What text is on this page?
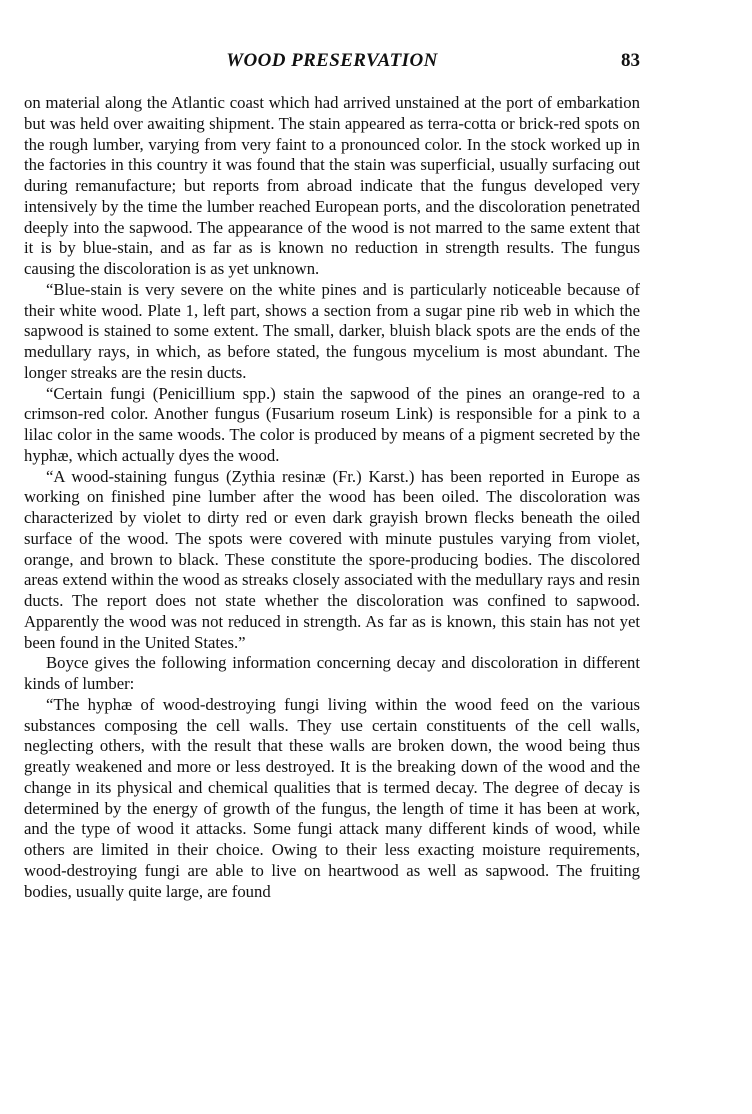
WOOD PRESERVATION	83

on material along the Atlantic coast which had arrived unstained at the port of embarkation but was held over awaiting shipment. The stain appeared as terra-cotta or brick-red spots on the rough lumber, varying from very faint to a pronounced color. In the stock worked up in the factories in this country it was found that the stain was superficial, usually surfacing out during remanufacture; but reports from abroad indicate that the fungus developed very intensively by the time the lumber reached European ports, and the discoloration penetrated deeply into the sapwood. The appearance of the wood is not marred to the same extent that it is by blue-stain, and as far as is known no reduction in strength results. The fungus causing the discoloration is as yet unknown.

“Blue-stain is very severe on the white pines and is particularly noticeable because of their white wood. Plate 1, left part, shows a section from a sugar pine rib web in which the sapwood is stained to some extent. The small, darker, bluish black spots are the ends of the medullary rays, in which, as before stated, the fungous mycelium is most abundant. The longer streaks are the resin ducts.

“Certain fungi (Penicillium spp.) stain the sapwood of the pines an orange-red to a crimson-red color. Another fungus (Fusarium roseum Link) is responsible for a pink to a lilac color in the same woods. The color is produced by means of a pigment secreted by the hyphæ, which actually dyes the wood.

“A wood-staining fungus (Zythia resinæ (Fr.) Karst.) has been reported in Europe as working on finished pine lumber after the wood has been oiled. The discoloration was characterized by violet to dirty red or even dark grayish brown flecks beneath the oiled surface of the wood. The spots were covered with minute pustules varying from violet, orange, and brown to black. These constitute the spore-producing bodies. The discolored areas extend within the wood as streaks closely associated with the medullary rays and resin ducts. The report does not state whether the discoloration was confined to sapwood. Apparently the wood was not reduced in strength. As far as is known, this stain has not yet been found in the United States.”

Boyce gives the following information concerning decay and discoloration in different kinds of lumber:

“The hyphæ of wood-destroying fungi living within the wood feed on the various substances composing the cell walls. They use certain constituents of the cell walls, neglecting others, with the result that these walls are broken down, the wood being thus greatly weakened and more or less destroyed. It is the breaking down of the wood and the change in its physical and chemical qualities that is termed decay. The degree of decay is determined by the energy of growth of the fungus, the length of time it has been at work, and the type of wood it attacks. Some fungi attack many different kinds of wood, while others are limited in their choice. Owing to their less exacting moisture requirements, wood-destroying fungi are able to live on heartwood as well as sapwood. The fruiting bodies, usually quite large, are found
